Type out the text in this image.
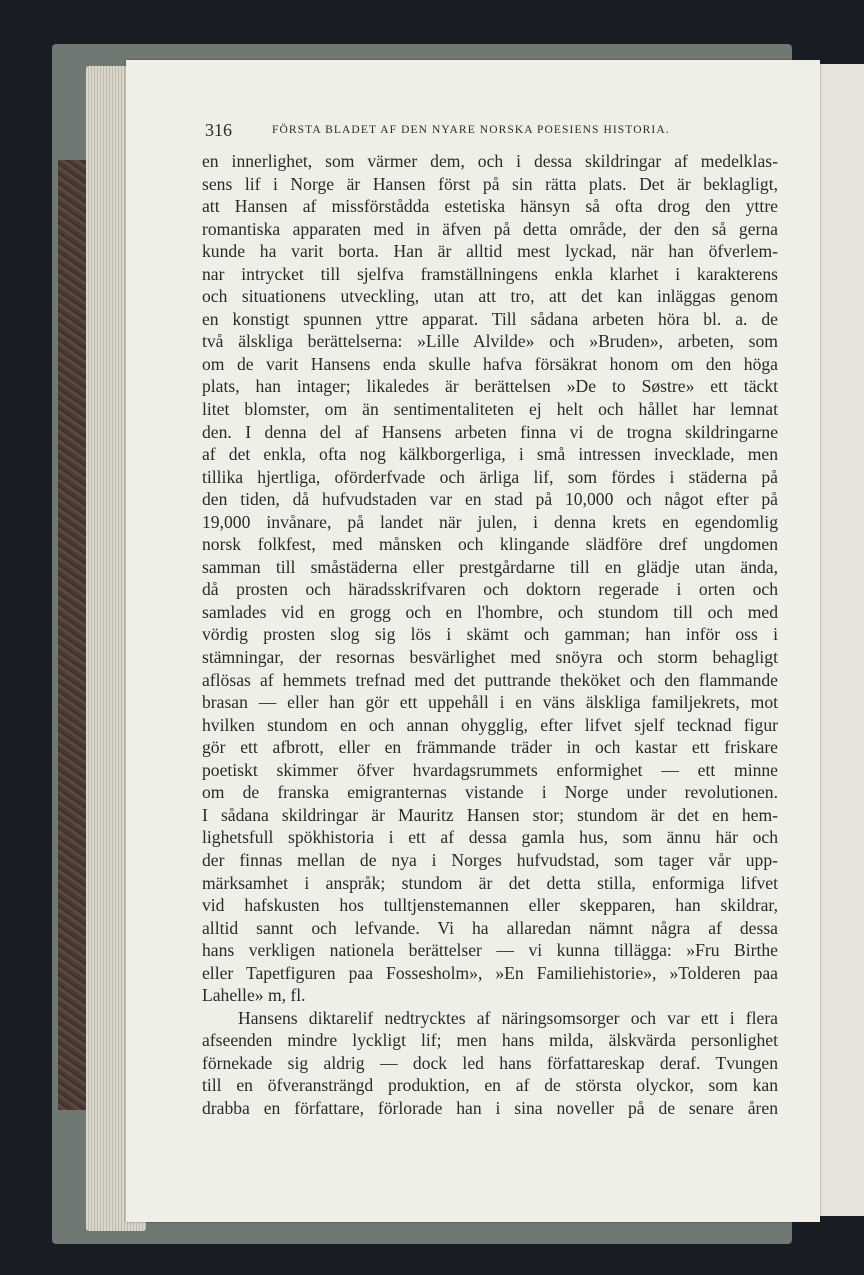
316	FÖRSTA BLADET AF DEN NYARE NORSKA POESIENS HISTORIA.
en innerlighet, som värmer dem, och i dessa skildringar af medelklas-
sens lif i Norge är Hansen först på sin rätta plats. Det är beklagligt,
att Hansen af missförstådda estetiska hänsyn så ofta drog den yttre
romantiska apparaten med in äfven på detta område, der den så gerna
kunde ha varit borta. Han är alltid mest lyckad, när han öfverlem-
nar intrycket till sjelfva framställningens enkla klarhet i karakterens
och situationens utveckling, utan att tro, att det kan inläggas genom
en konstigt spunnen yttre apparat. Till sådana arbeten höra bl. a. de
två älskliga berättelserna: »Lille Alvilde» och »Bruden», arbeten, som
om de varit Hansens enda skulle hafva försäkrat honom om den höga
plats, han intager; likaledes är berättelsen »De to Søstre» ett täckt
litet blomster, om än sentimentaliteten ej helt och hållet har lemnat
den. I denna del af Hansens arbeten finna vi de trogna skildringarne
af det enkla, ofta nog kälkborgerliga, i små intressen invecklade, men
tillika hjertliga, oförderfvade och ärliga lif, som fördes i städerna på
den tiden, då hufvudstaden var en stad på 10,000 och något efter på
19,000 invånare, på landet när julen, i denna krets en egendomlig
norsk folkfest, med månsken och klingande slädföre dref ungdomen
samman till småstäderna eller prestgårdarne till en glädje utan ända,
då prosten och häradsskrifvaren och doktorn regerade i orten och
samlades vid en grogg och en l'hombre, och stundom till och med
vördig prosten slog sig lös i skämt och gamman; han inför oss i
stämningar, der resornas besvärlighet med snöyra och storm behagligt
aflösas af hemmets trefnad med det puttrande theköket och den flammande
brasan — eller han gör ett uppehåll i en väns älskliga familjekrets, mot
hvilken stundom en och annan ohygglig, efter lifvet sjelf tecknad figur
gör ett afbrott, eller en främmande träder in och kastar ett friskare
poetiskt skimmer öfver hvardagsrummets enformighet — ett minne
om de franska emigranternas vistande i Norge under revolutionen.
I sådana skildringar är Mauritz Hansen stor; stundom är det en hem-
lighetsfull spökhistoria i ett af dessa gamla hus, som ännu här och
der finnas mellan de nya i Norges hufvudstad, som tager vår upp-
märksamhet i anspråk; stundom är det detta stilla, enformiga lifvet
vid hafskusten hos tulltjenstemannen eller skepparen, han skildrar,
alltid sannt och lefvande. Vi ha allaredan nämnt några af dessa
hans verkligen nationela berättelser — vi kunna tillägga: »Fru Birthe
eller Tapetfiguren paa Fossesholm», »En Familiehistorie», »Tolderen paa
Lahelle» m, fl.
Hansens diktarelif nedtrycktes af näringsomsorger och var ett i flera
afseenden mindre lyckligt lif; men hans milda, älskvärda personlighet
förnekade sig aldrig — dock led hans författareskap deraf. Tvungen
till en öfveransträngd produktion, en af de största olyckor, som kan
drabba en författare, förlorade han i sina noveller på de senare åren
